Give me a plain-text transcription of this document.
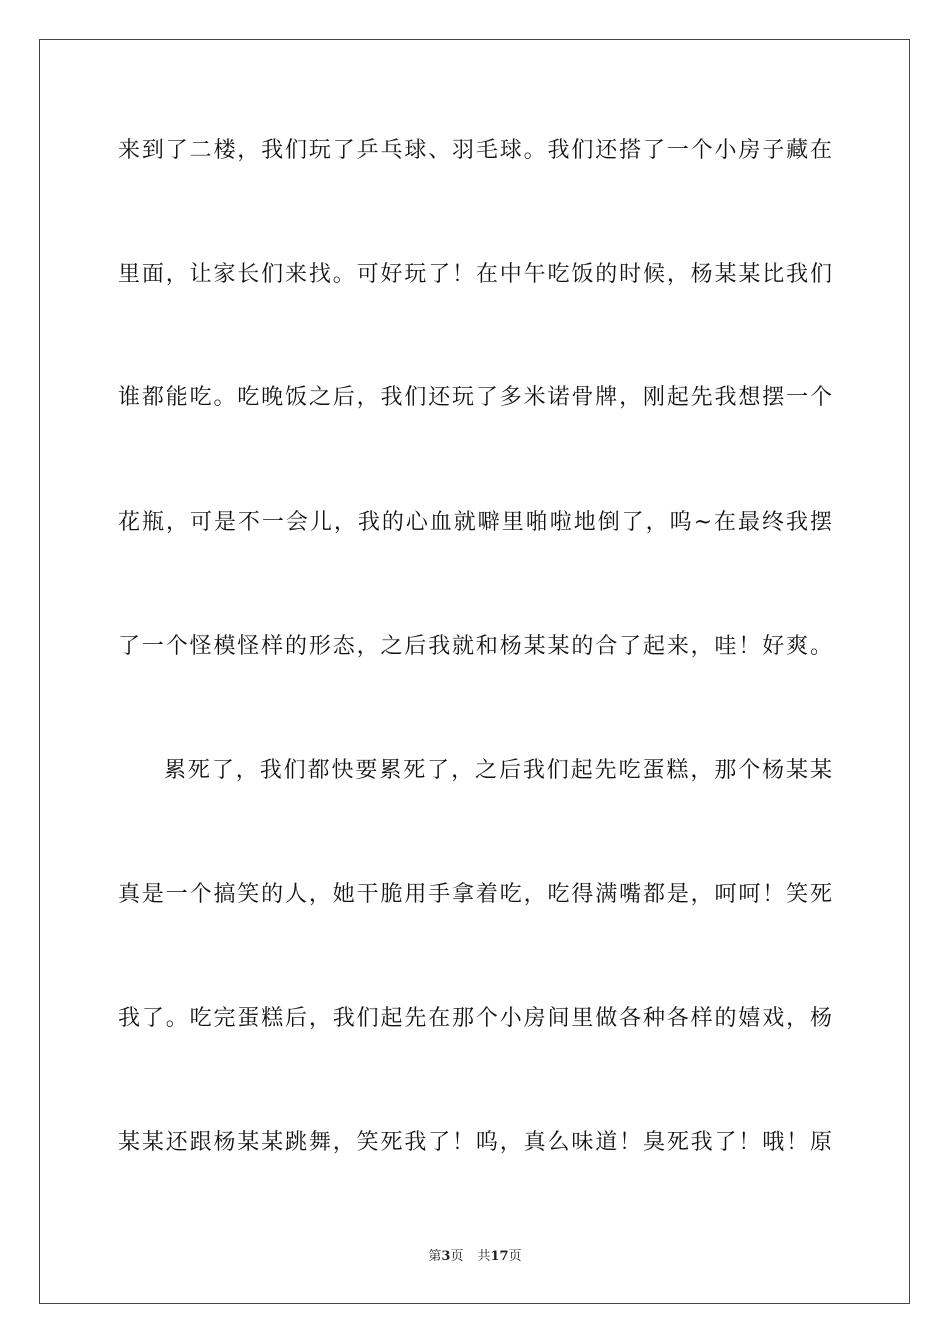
来到了二楼，我们玩了乒乓球、羽毛球。我们还搭了一个小房子藏在
里面，让家长们来找。可好玩了！在中午吃饭的时候，杨某某比我们
谁都能吃。吃晚饭之后，我们还玩了多米诺骨牌，刚起先我想摆一个
花瓶，可是不一会儿，我的心血就噼里啪啦地倒了，呜~在最终我摆
了一个怪模怪样的形态，之后我就和杨某某的合了起来，哇！好爽。
累死了，我们都快要累死了，之后我们起先吃蛋糕，那个杨某某
真是一个搞笑的人，她干脆用手拿着吃，吃得满嘴都是，呵呵！笑死
我了。吃完蛋糕后，我们起先在那个小房间里做各种各样的嬉戏，杨
某某还跟杨某某跳舞，笑死我了！呜，真么味道！臭死我了！哦！原
第3页 共17页
